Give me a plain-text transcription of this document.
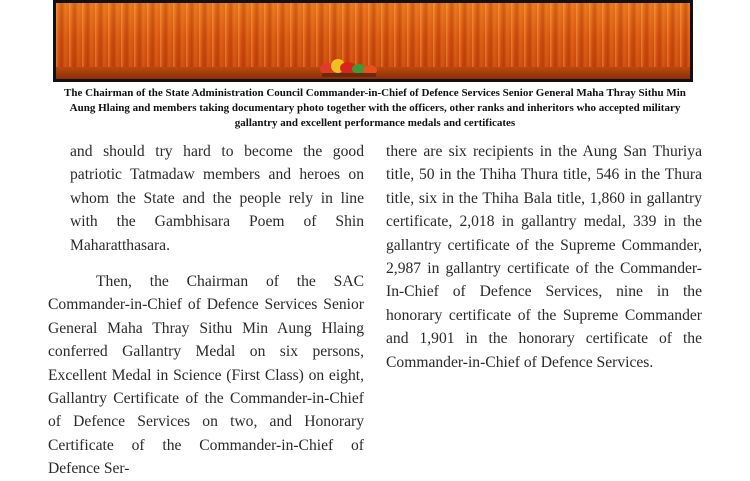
The Chairman of the State Administration Council Commander-in-Chief of Defence Services Senior General Maha Thray Sithu Min Aung Hlaing and members taking documentary photo together with the officers, other ranks and inheritors who accepted military gallantry and excellent performance medals and certificates

and should try hard to become the good patriotic Tatmadaw members and heroes on whom the State and the people rely in line with the Gambhisara Poem of Shin Maharatthasara.

Then, the Chairman of the SAC Commander-in-Chief of Defence Services Senior General Maha Thray Sithu Min Aung Hlaing conferred Gallantry Medal on six persons, Excellent Medal in Science (First Class) on eight, Gallantry Certificate of the Commander-in-Chief of Defence Services on two, and Honorary Certificate of the Commander-in-Chief of Defence Ser-

there are six recipients in the Aung San Thuriya title, 50 in the Thiha Thura title, 546 in the Thura title, six in the Thiha Bala title, 1,860 in gallantry certificate, 2,018 in gallantry medal, 339 in the gallantry certificate of the Supreme Commander, 2,987 in gallantry certificate of the Commander-In-Chief of Defence Services, nine in the honorary certificate of the Supreme Commander and 1,901 in the honorary certificate of the Commander-in-Chief of Defence Services.
